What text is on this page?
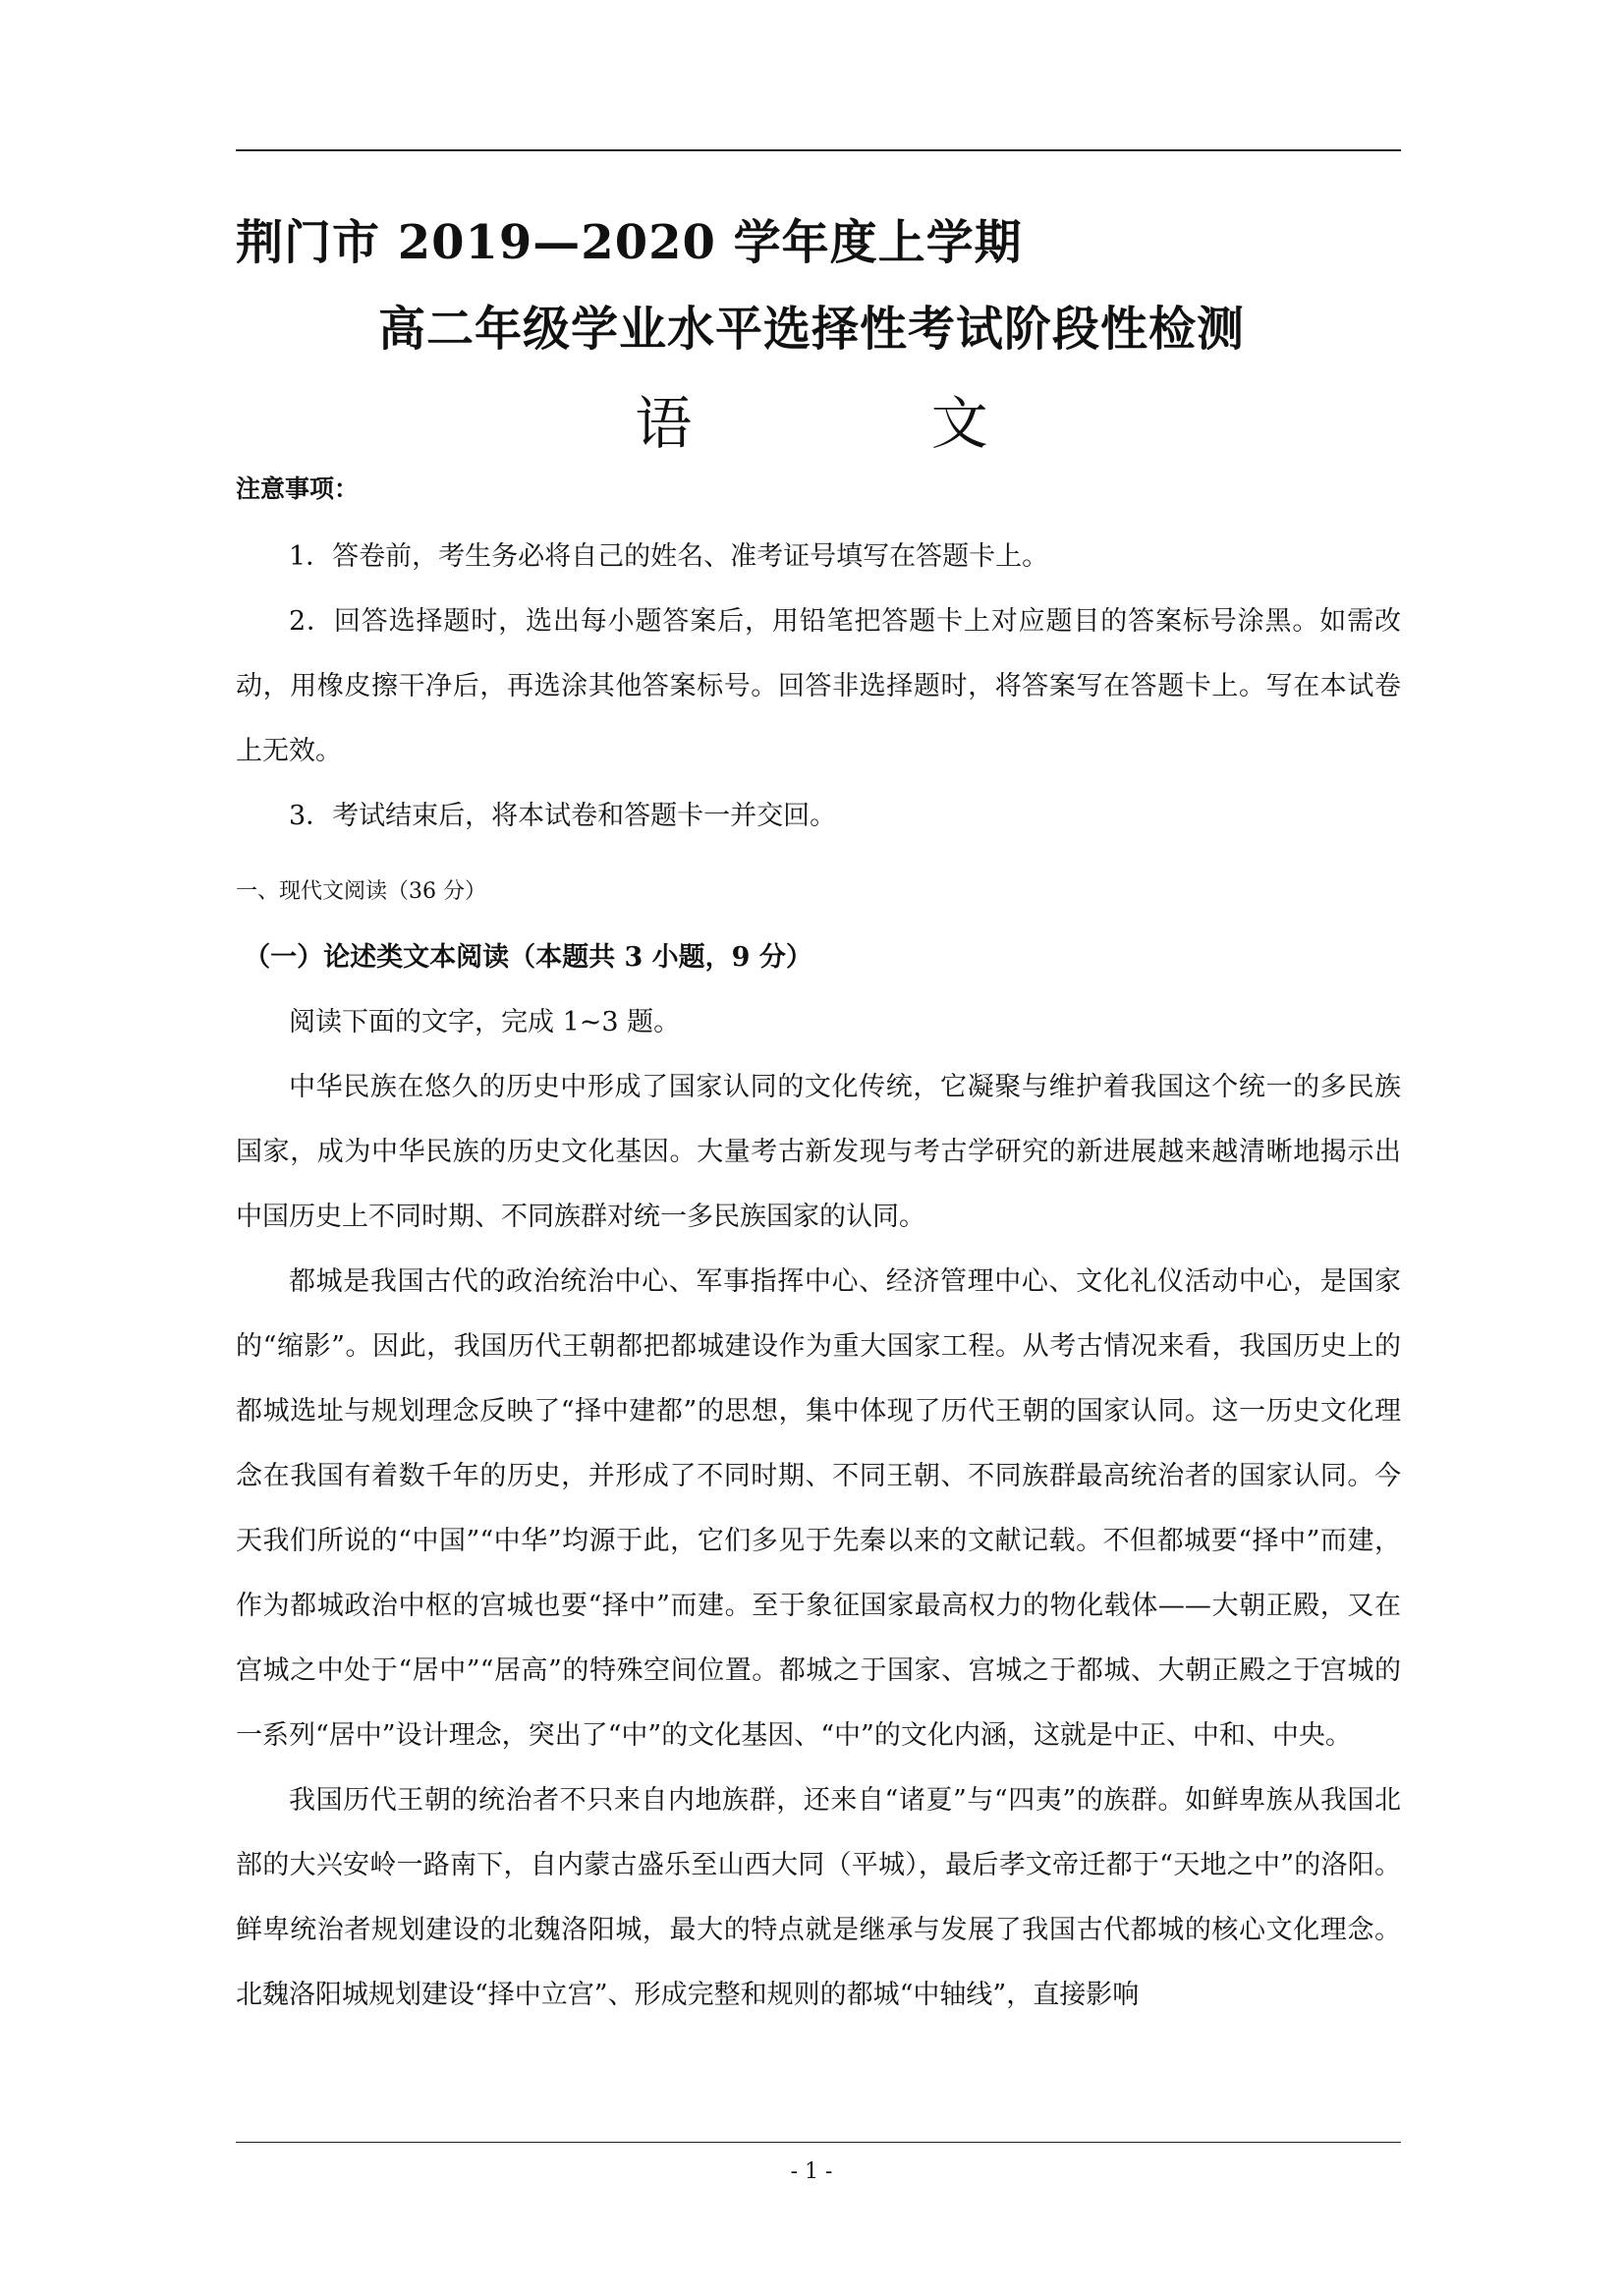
荆门市 2019—2020 学年度上学期
高二年级学业水平选择性考试阶段性检测
语　文
注意事项：

1．答卷前，考生务必将自己的姓名、准考证号填写在答题卡上。

2．回答选择题时，选出每小题答案后，用铅笔把答题卡上对应题目的答案标号涂黑。如需改动，用橡皮擦干净后，再选涂其他答案标号。回答非选择题时，将答案写在答题卡上。写在本试卷上无效。

3．考试结束后，将本试卷和答题卡一并交回。

一、现代文阅读（36 分）

（一）论述类文本阅读（本题共 3 小题，9 分）

阅读下面的文字，完成 1~3 题。

中华民族在悠久的历史中形成了国家认同的文化传统，它凝聚与维护着我国这个统一的多民族国家，成为中华民族的历史文化基因。大量考古新发现与考古学研究的新进展越来越清晰地揭示出中国历史上不同时期、不同族群对统一多民族国家的认同。

都城是我国古代的政治统治中心、军事指挥中心、经济管理中心、文化礼仪活动中心，是国家的“缩影”。因此，我国历代王朝都把都城建设作为重大国家工程。从考古情况来看，我国历史上的都城选址与规划理念反映了“择中建都”的思想，集中体现了历代王朝的国家认同。这一历史文化理念在我国有着数千年的历史，并形成了不同时期、不同王朝、不同族群最高统治者的国家认同。今天我们所说的“中国”“中华”均源于此，它们多见于先秦以来的文献记载。不但都城要“择中”而建，作为都城政治中枢的宫城也要“择中”而建。至于象征国家最高权力的物化载体——大朝正殿，又在宫城之中处于“居中”“居高”的特殊空间位置。都城之于国家、宫城之于都城、大朝正殿之于宫城的一系列“居中”设计理念，突出了“中”的文化基因、“中”的文化内涵，这就是中正、中和、中央。

我国历代王朝的统治者不只来自内地族群，还来自“诸夏”与“四夷”的族群。如鲜卑族从我国北部的大兴安岭一路南下，自内蒙古盛乐至山西大同（平城），最后孝文帝迁都于“天地之中”的洛阳。鲜卑统治者规划建设的北魏洛阳城，最大的特点就是继承与发展了我国古代都城的核心文化理念。北魏洛阳城规划建设“择中立宫”、形成完整和规则的都城“中轴线”，直接影响

- 1 -
